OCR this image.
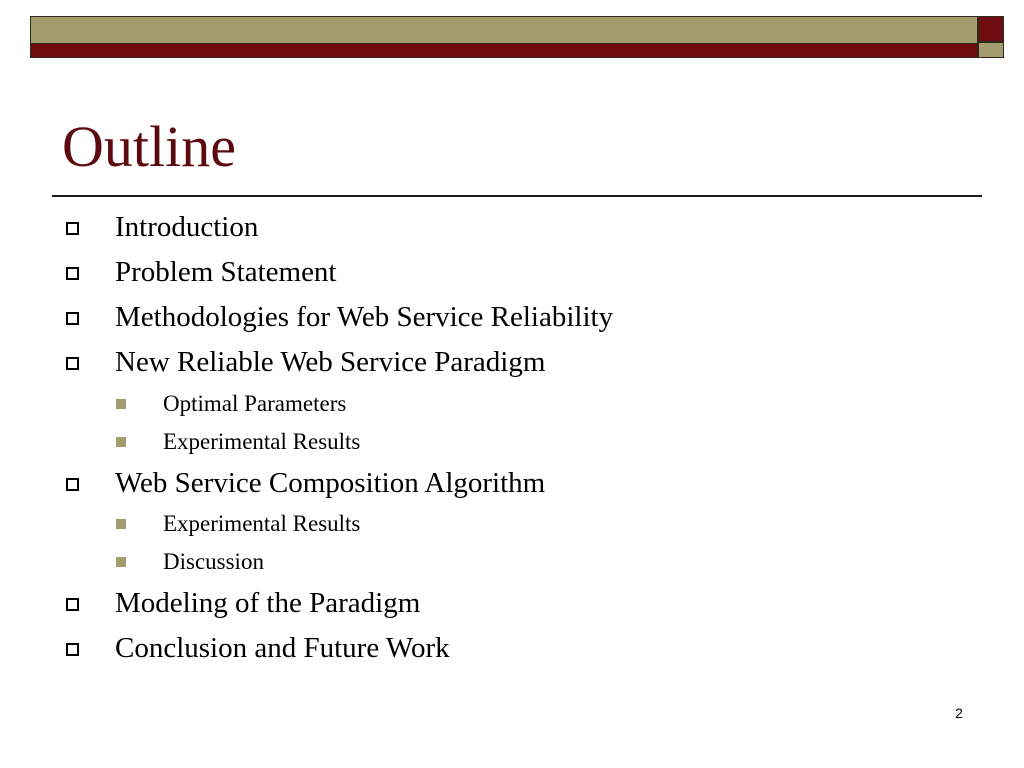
Outline
Introduction
Problem Statement
Methodologies for Web Service Reliability
New Reliable Web Service Paradigm
Optimal Parameters
Experimental Results
Web Service Composition Algorithm
Experimental Results
Discussion
Modeling of the Paradigm
Conclusion and Future Work
2
